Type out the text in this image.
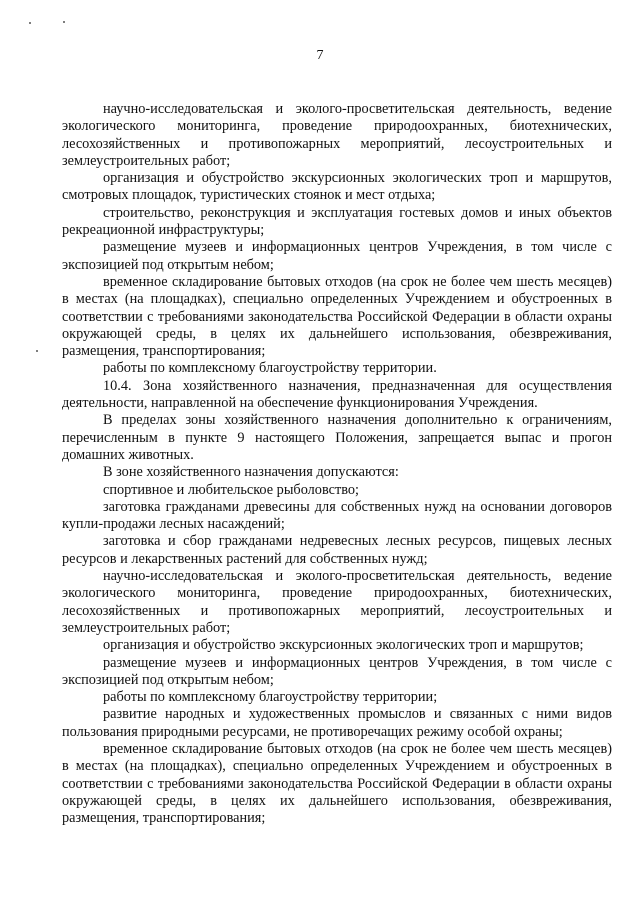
7

научно-исследовательская и эколого-просветительская деятельность, ведение экологического мониторинга, проведение природоохранных, биотехнических, лесохозяйственных и противопожарных мероприятий, лесоустроительных и землеустроительных работ;

организация и обустройство экскурсионных экологических троп и маршрутов, смотровых площадок, туристических стоянок и мест отдыха;

строительство, реконструкция и эксплуатация гостевых домов и иных объектов рекреационной инфраструктуры;

размещение музеев и информационных центров Учреждения, в том числе с экспозицией под открытым небом;

временное складирование бытовых отходов (на срок не более чем шесть месяцев) в местах (на площадках), специально определенных Учреждением и обустроенных в соответствии с требованиями законодательства Российской Федерации в области охраны окружающей среды, в целях их дальнейшего использования, обезвреживания, размещения, транспортирования;

работы по комплексному благоустройству территории.

10.4. Зона хозяйственного назначения, предназначенная для осуществления деятельности, направленной на обеспечение функционирования Учреждения.

В пределах зоны хозяйственного назначения дополнительно к ограничениям, перечисленным в пункте 9 настоящего Положения, запрещается выпас и прогон домашних животных.

В зоне хозяйственного назначения допускаются:

спортивное и любительское рыболовство;

заготовка гражданами древесины для собственных нужд на основании договоров купли-продажи лесных насаждений;

заготовка и сбор гражданами недревесных лесных ресурсов, пищевых лесных ресурсов и лекарственных растений для собственных нужд;

научно-исследовательская и эколого-просветительская деятельность, ведение экологического мониторинга, проведение природоохранных, биотехнических, лесохозяйственных и противопожарных мероприятий, лесоустроительных и землеустроительных работ;

организация и обустройство экскурсионных экологических троп и маршрутов;

размещение музеев и информационных центров Учреждения, в том числе с экспозицией под открытым небом;

работы по комплексному благоустройству территории;

развитие народных и художественных промыслов и связанных с ними видов пользования природными ресурсами, не противоречащих режиму особой охраны;

временное складирование бытовых отходов (на срок не более чем шесть месяцев) в местах (на площадках), специально определенных Учреждением и обустроенных в соответствии с требованиями законодательства Российской Федерации в области охраны окружающей среды, в целях их дальнейшего использования, обезвреживания, размещения, транспортирования;
